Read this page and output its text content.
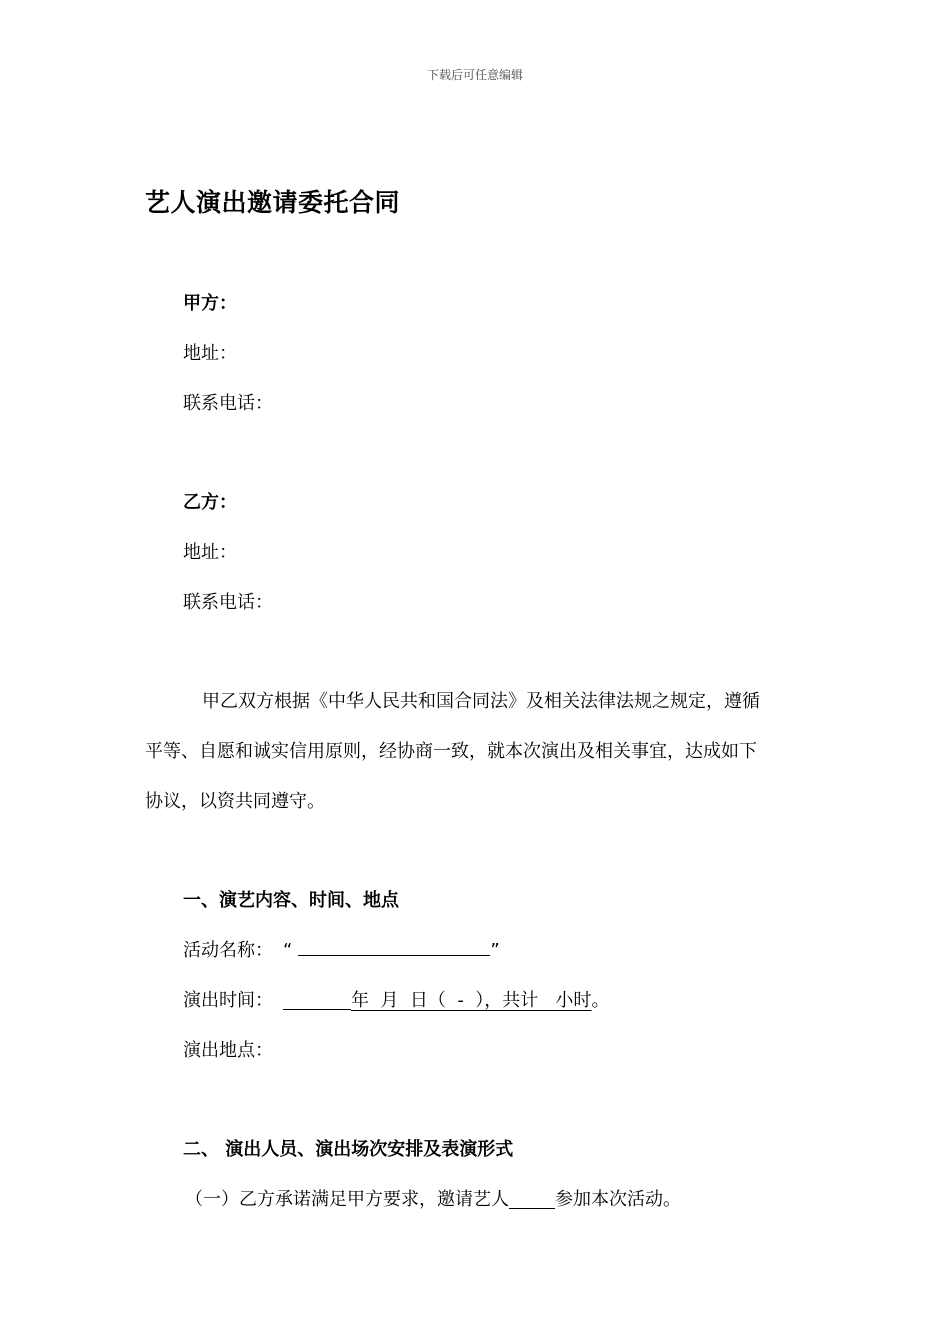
下载后可任意编辑
艺人演出邀请委托合同
甲方：
地址：
联系电话：
乙方：
地址：
联系电话：
甲乙双方根据《中华人民共和国合同法》及相关法律法规之规定，遵循
平等、自愿和诚实信用原则，经协商一致，就本次演出及相关事宜，达成如下
协议，以资共同遵守。
一、演艺内容、时间、地点
活动名称： “	”
演出时间：	年  月  日（  -  ），共计   小时。
演出地点：
二、 演出人员、演出场次安排及表演形式
（一）乙方承诺满足甲方要求，邀请艺人	参加本次活动。
